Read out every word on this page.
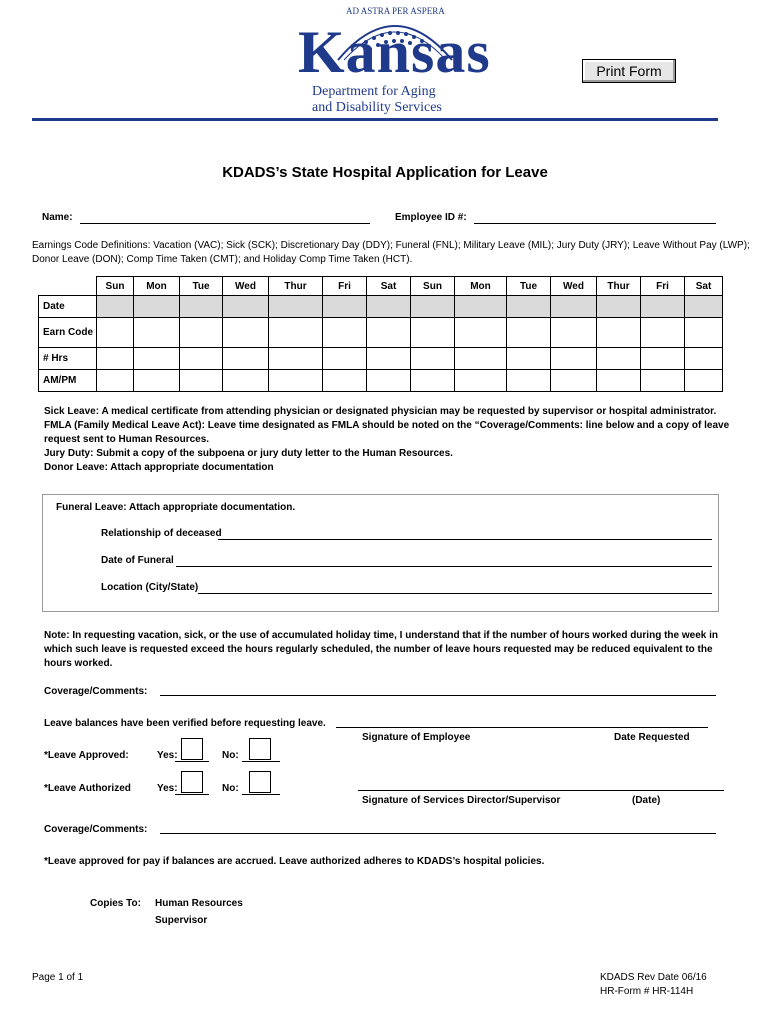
AD ASTRA PER ASPERA
Kansas
Department for Aging
and Disability Services
Print Form
KDADS’s State Hospital Application for Leave
Name:	Employee ID #:
Earnings Code Definitions: Vacation (VAC); Sick (SCK); Discretionary Day (DDY); Funeral (FNL); Military Leave (MIL); Jury Duty (JRY); Leave Without Pay (LWP);
Donor Leave (DON); Comp Time Taken (CMT); and Holiday Comp Time Taken (HCT).
	Sun	Mon	Tue	Wed	Thur	Fri	Sat	Sun	Mon	Tue	Wed	Thur	Fri	Sat
Date														
Earn Code														
# Hrs														
AM/PM														
Sick Leave: A medical certificate from attending physician or designated physician may be requested by supervisor or hospital administrator.
FMLA (Family Medical Leave Act): Leave time designated as FMLA should be noted on the “Coverage/Comments: line below and a copy of leave
request sent to Human Resources.
Jury Duty: Submit a copy of the subpoena or jury duty letter to the Human Resources.
Donor Leave: Attach appropriate documentation
Funeral Leave: Attach appropriate documentation.
Relationship of deceased
Date of Funeral
Location (City/State)
Note: In requesting vacation, sick, or the use of accumulated holiday time, I understand that if the number of hours worked during the week in
which such leave is requested exceed the hours regularly scheduled, the number of leave hours requested may be reduced equivalent to the
hours worked.
Coverage/Comments:
Leave balances have been verified before requesting leave.
Signature of Employee	Date Requested
*Leave Approved:	Yes:	No:
*Leave Authorized	Yes:	No:
Signature of Services Director/Supervisor	(Date)
Coverage/Comments:
*Leave approved for pay if balances are accrued. Leave authorized adheres to KDADS’s hospital policies.
Copies To: Human Resources
Supervisor
Page 1 of 1	KDADS Rev Date 06/16
HR-Form # HR-114H
